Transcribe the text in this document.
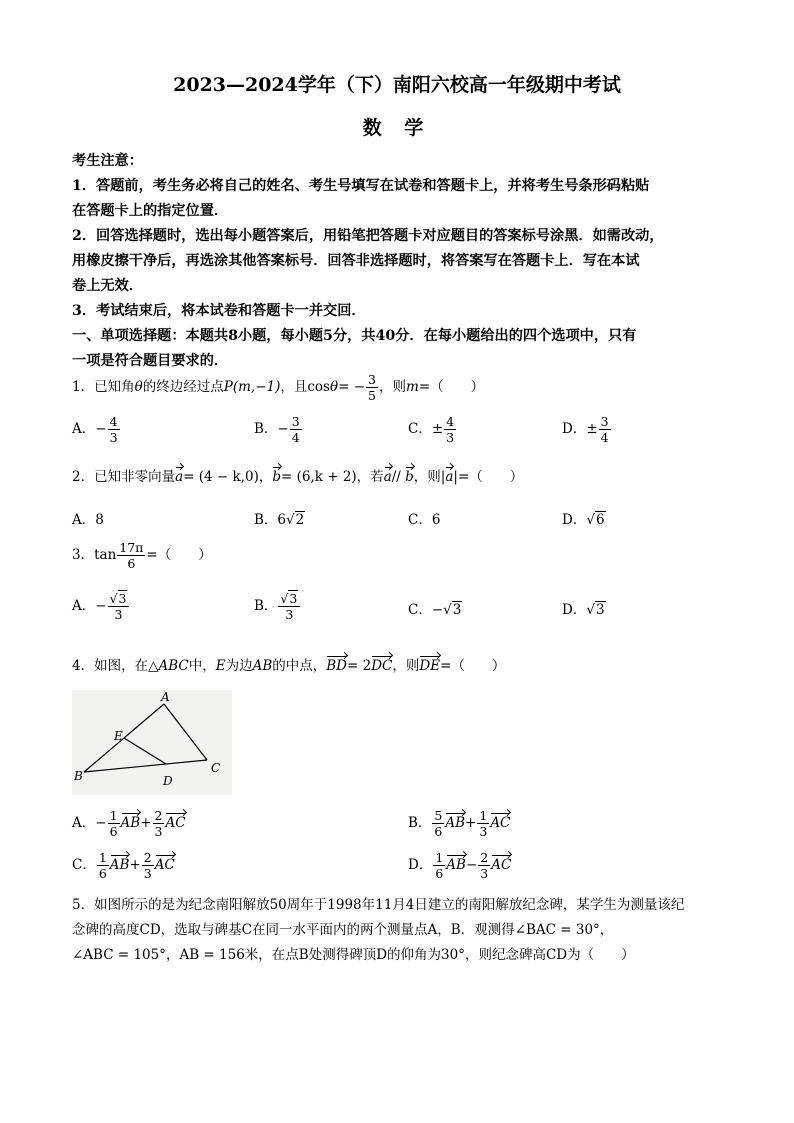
2023—2024学年（下）南阳六校高一年级期中考试
数 学
考生注意：
1．答题前，考生务必将自己的姓名、考生号填写在试卷和答题卡上，并将考生号条形码粘贴
在答题卡上的指定位置．
2．回答选择题时，选出每小题答案后，用铅笔把答题卡对应题目的答案标号涂黑．如需改动，
用橡皮擦干净后，再选涂其他答案标号．回答非选择题时，将答案写在答题卡上．写在本试
卷上无效．
3．考试结束后，将本试卷和答题卡一并交回．
一、单项选择题：本题共8小题，每小题5分，共40分．在每小题给出的四个选项中，只有
一项是符合题目要求的．
1．已知角θ的终边经过点P(m,−1)，且$\cos\theta= - \frac{3}{5}$ ，则m=（　　）
A．− $\frac{4}{3}$	B．− $\frac{3}{4}$	C．± $\frac{4}{3}$	D．± $\frac{3}{4}$
2．已知非零向量a= (4 − k,0)，b= (6,k + 2)，若a// b，则|a|=（　　）
A．8	B．6√2	C．6	D．√6
3．$\tan \frac{17\pi}{6}$ =（　　）
A．− $\frac{√3}{3}$	B． $\frac{√3}{3}$	C．−√3	D．√3
4．如图，在△ABC中，E为边AB的中点，BD= 2DC，则DE=（　　）
A
B
C
D
E
A．− $\frac{1}{6} AB+ \frac{2}{3}$ AC	B． $\frac{5}{6} AB+ \frac{1}{3}$ AC
C． $\frac{1}{6} AB+ \frac{2}{3}$ AC	D． $\frac{1}{6} AB- \frac{2}{3}$ AC
5．如图所示的是为纪念南阳解放50周年于1998年11月4日建立的南阳解放纪念碑，某学生为测量该纪
念碑的高度CD，选取与碑基C在同一水平面内的两个测量点A，B．观测得∠BAC = 30°，
∠ABC = 105°，AB = 156米，在点B处测得碑顶D的仰角为30°，则纪念碑高CD为（　　）
